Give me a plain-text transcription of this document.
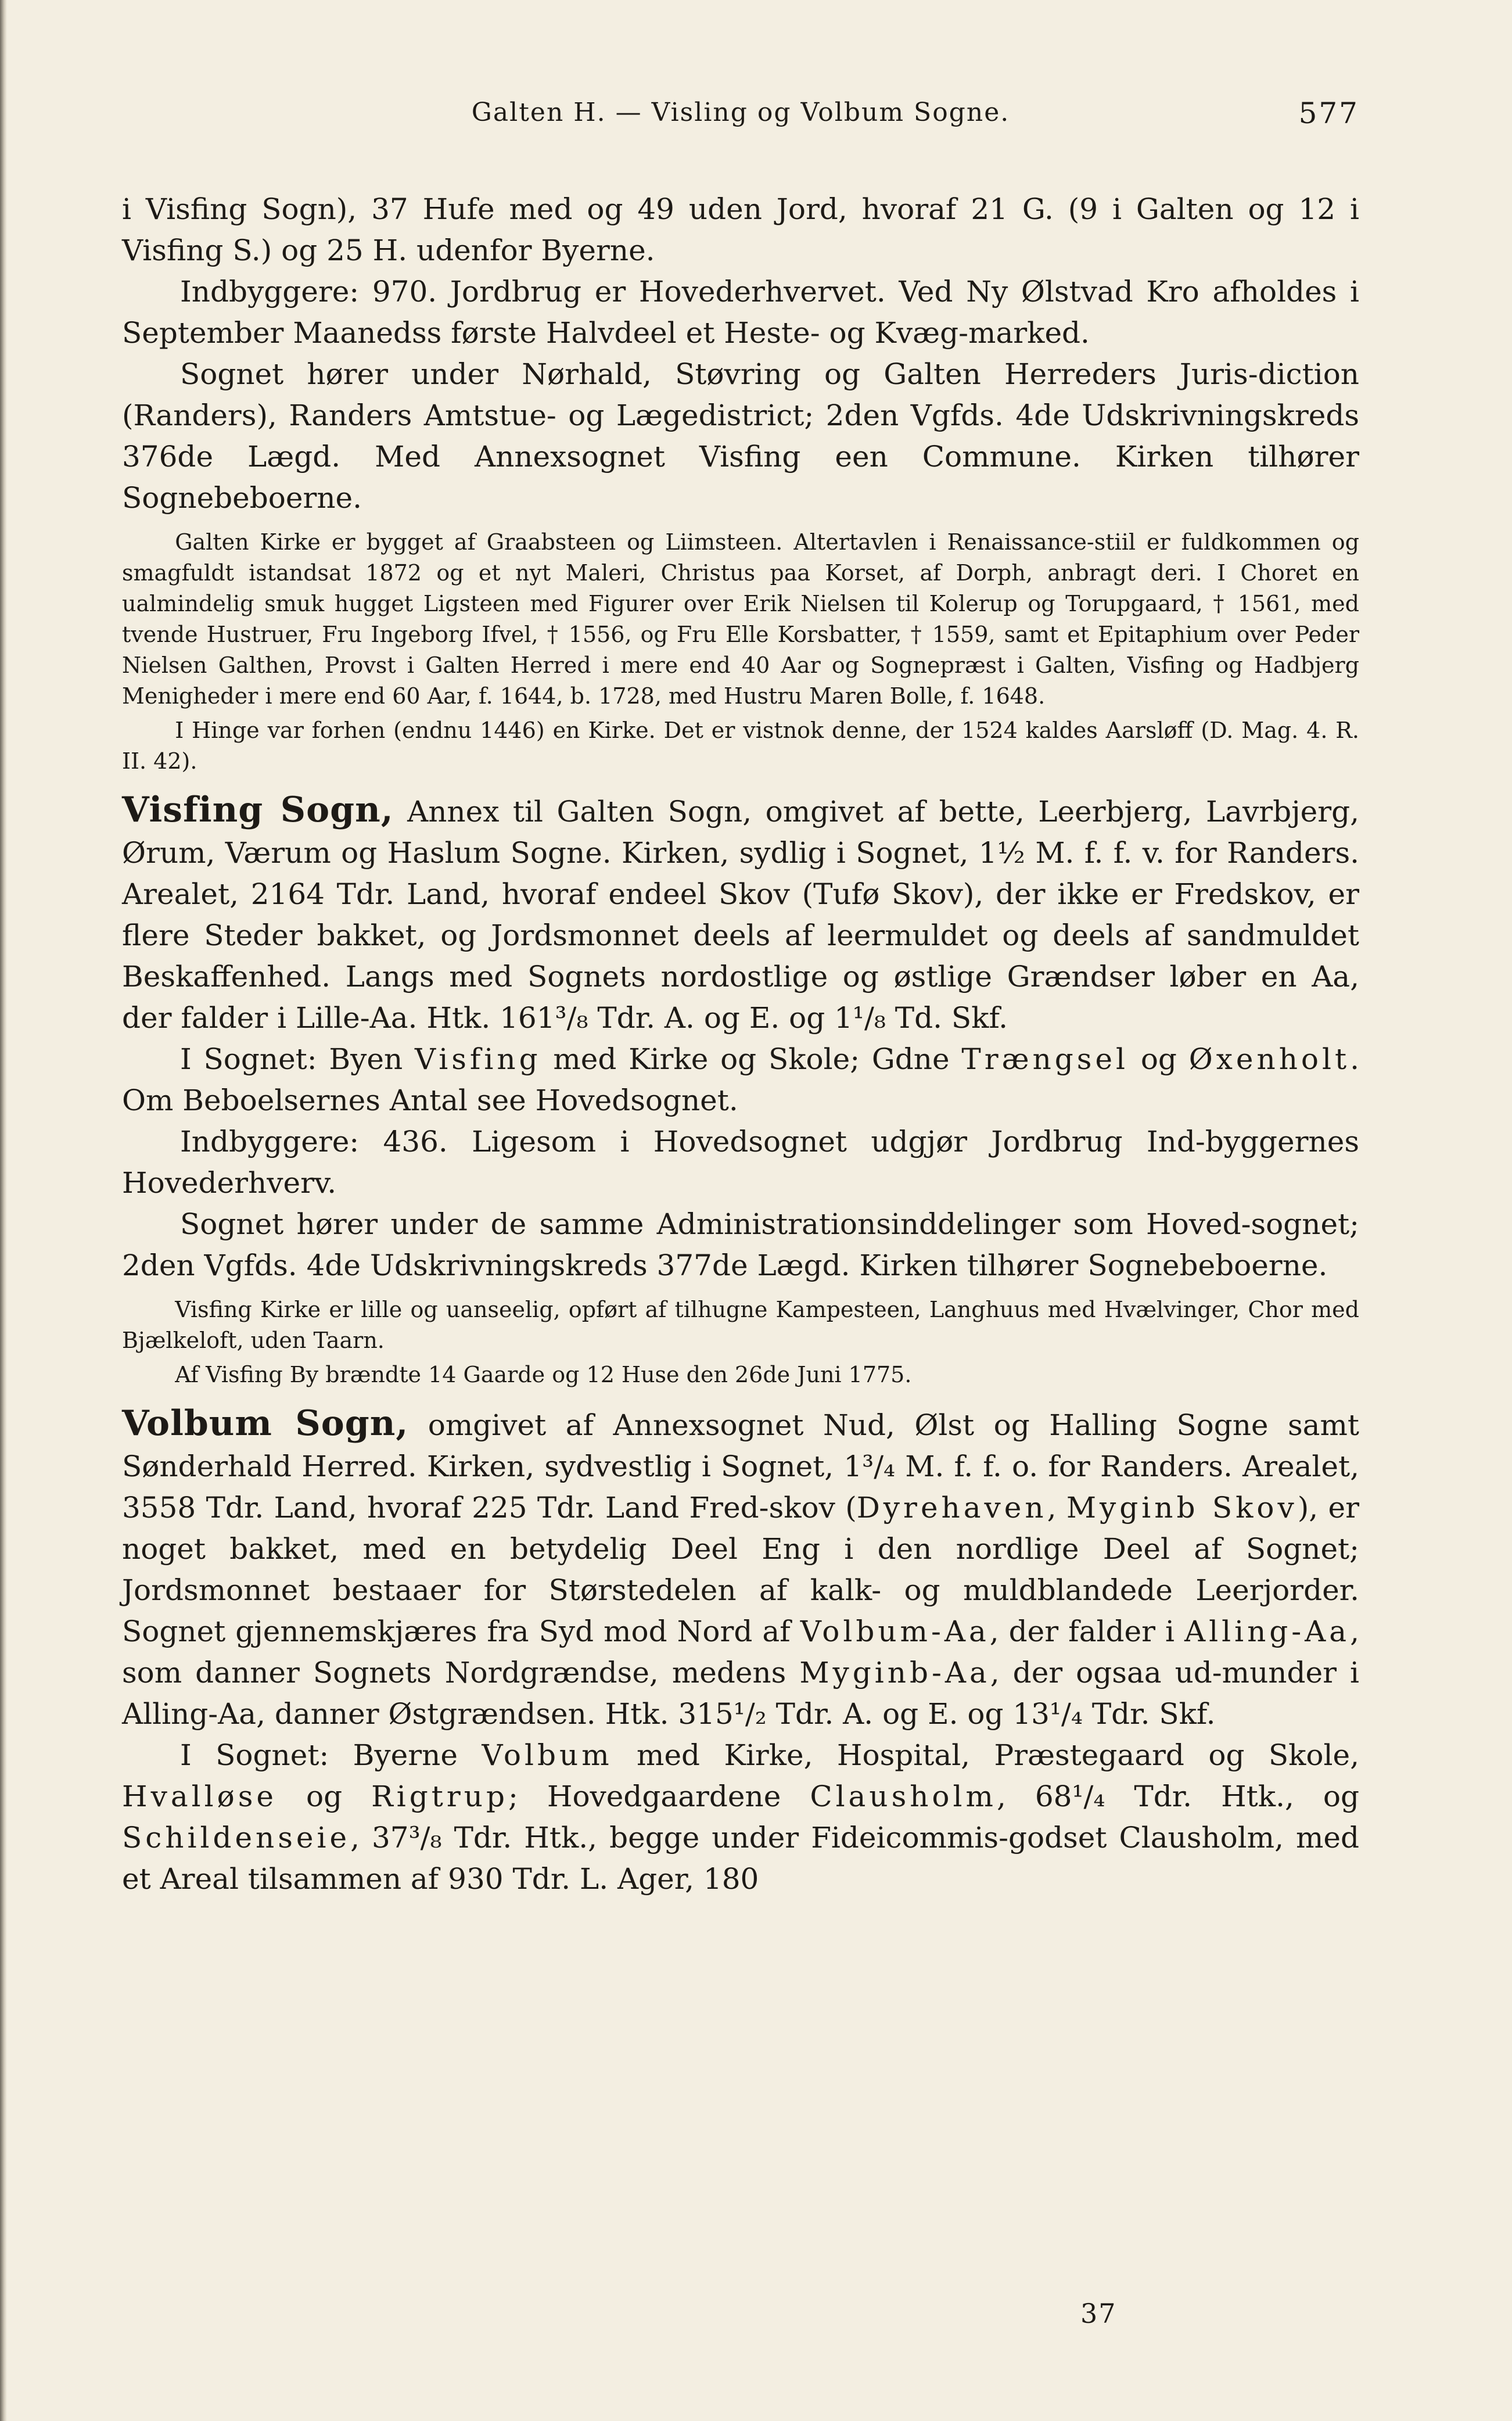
Galten H. — Visling og Volbum Sogne.	577

i Visfing Sogn), 37 Hufe med og 49 uden Jord, hvoraf 21 G. (9 i Galten og 12 i Visfing S.) og 25 H. udenfor Byerne.

Indbyggere: 970. Jordbrug er Hovederhvervet. Ved Ny Ølstvad Kro afholdes i September Maanedss første Halvdeel et Heste- og Kvæg-marked.

Sognet hører under Nørhald, Støvring og Galten Herreders Juris-diction (Randers), Randers Amtstue- og Lægedistrict; 2den Vgfds. 4de Udskrivningskreds 376de Lægd. Med Annexsognet Visfing een Commune. Kirken tilhører Sognebeboerne.

Galten Kirke er bygget af Graabsteen og Liimsteen. Altertavlen i Renaissance-stiil er fuldkommen og smagfuldt istandsat 1872 og et nyt Maleri, Christus paa Korset, af Dorph, anbragt deri. I Choret en ualmindelig smuk hugget Ligsteen med Figurer over Erik Nielsen til Kolerup og Torupgaard, † 1561, med tvende Hustruer, Fru Ingeborg Ifvel, † 1556, og Fru Elle Korsbatter, † 1559, samt et Epitaphium over Peder Nielsen Galthen, Provst i Galten Herred i mere end 40 Aar og Sognepræst i Galten, Visfing og Hadbjerg Menigheder i mere end 60 Aar, f. 1644, b. 1728, med Hustru Maren Bolle, f. 1648.

I Hinge var forhen (endnu 1446) en Kirke. Det er vistnok denne, der 1524 kaldes Aarsløff (D. Mag. 4. R. II. 42).

Visfing Sogn, Annex til Galten Sogn, omgivet af bette, Leerbjerg, Lavrbjerg, Ørum, Værum og Haslum Sogne. Kirken, sydlig i Sognet, 1½ M. f. f. v. for Randers. Arealet, 2164 Tdr. Land, hvoraf endeel Skov (Tufø Skov), der ikke er Fredskov, er flere Steder bakket, og Jordsmonnet deels af leermuldet og deels af sandmuldet Beskaffenhed. Langs med Sognets nordostlige og østlige Grændser løber en Aa, der falder i Lille-Aa. Htk. 161³/₈ Tdr. A. og E. og 1¹/₈ Td. Skf.

I Sognet: Byen Visfing med Kirke og Skole; Gdne Trængsel og Øxenholt. Om Beboelsernes Antal see Hovedsognet.

Indbyggere: 436. Ligesom i Hovedsognet udgjør Jordbrug Ind-byggernes Hovederhverv.

Sognet hører under de samme Administrationsinddelinger som Hoved-sognet; 2den Vgfds. 4de Udskrivningskreds 377de Lægd. Kirken tilhører Sognebeboerne.

Visfing Kirke er lille og uanseelig, opført af tilhugne Kampesteen, Langhuus med Hvælvinger, Chor med Bjælkeloft, uden Taarn.

Af Visfing By brændte 14 Gaarde og 12 Huse den 26de Juni 1775.

Volbum Sogn, omgivet af Annexsognet Nud, Ølst og Halling Sogne samt Sønderhald Herred. Kirken, sydvestlig i Sognet, 1³/₄ M. f. f. o. for Randers. Arealet, 3558 Tdr. Land, hvoraf 225 Tdr. Land Fred-skov (Dyrehaven, Myginb Skov), er noget bakket, med en betydelig Deel Eng i den nordlige Deel af Sognet; Jordsmonnet bestaaer for Størstedelen af kalk- og muldblandede Leerjorder. Sognet gjennemskjæres fra Syd mod Nord af Volbum-Aa, der falder i Alling-Aa, som danner Sognets Nordgrændse, medens Myginb-Aa, der ogsaa ud-munder i Alling-Aa, danner Østgrændsen. Htk. 315¹/₂ Tdr. A. og E. og 13¹/₄ Tdr. Skf.

I Sognet: Byerne Volbum med Kirke, Hospital, Præstegaard og Skole, Hvalløse og Rigtrup; Hovedgaardene Clausholm, 68¹/₄ Tdr. Htk., og Schildenseie, 37³/₈ Tdr. Htk., begge under Fideicommis-godset Clausholm, med et Areal tilsammen af 930 Tdr. L. Ager, 180

37
